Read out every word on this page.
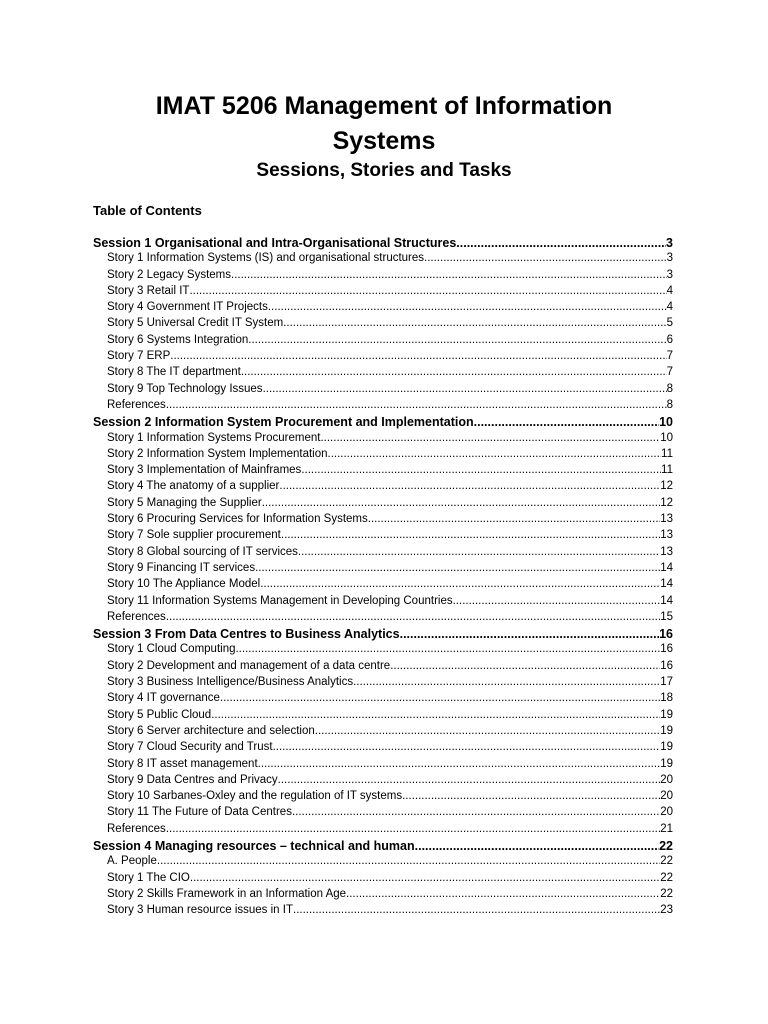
IMAT 5206 Management of Information
Systems
Sessions, Stories and Tasks
Table of Contents
Session 1 Organisational and Intra-Organisational Structures .....	3
Story 1 Information Systems (IS) and organisational structures .....	3
Story 2 Legacy Systems .....	3
Story 3 Retail IT .....	4
Story 4 Government IT Projects .....	4
Story 5 Universal Credit IT System .....	5
Story 6 Systems Integration .....	6
Story 7 ERP .....	7
Story 8 The IT department .....	7
Story 9 Top Technology Issues .....	8
References .....	8
Session 2 Information System Procurement and Implementation .....	10
Story 1 Information Systems Procurement .....	10
Story 2 Information System Implementation .....	11
Story 3 Implementation of Mainframes .....	11
Story 4 The anatomy of a supplier .....	12
Story 5 Managing the Supplier .....	12
Story 6 Procuring Services for Information Systems .....	13
Story 7 Sole supplier procurement .....	13
Story 8 Global sourcing of IT services .....	13
Story 9 Financing IT services .....	14
Story 10 The Appliance Model .....	14
Story 11 Information Systems Management in Developing Countries .....	14
References .....	15
Session 3 From Data Centres to Business Analytics .....	16
Story 1 Cloud Computing .....	16
Story 2 Development and management of a data centre .....	16
Story 3 Business Intelligence/Business Analytics .....	17
Story 4 IT governance .....	18
Story 5 Public Cloud .....	19
Story 6 Server architecture and selection .....	19
Story 7 Cloud Security and Trust .....	19
Story 8 IT asset management .....	19
Story 9 Data Centres and Privacy .....	20
Story 10 Sarbanes-Oxley and the regulation of IT systems .....	20
Story 11 The Future of Data Centres .....	20
References .....	21
Session 4 Managing resources – technical and human .....	22
A. People .....	22
Story 1 The CIO .....	22
Story 2 Skills Framework in an Information Age .....	22
Story 3 Human resource issues in IT .....	23
